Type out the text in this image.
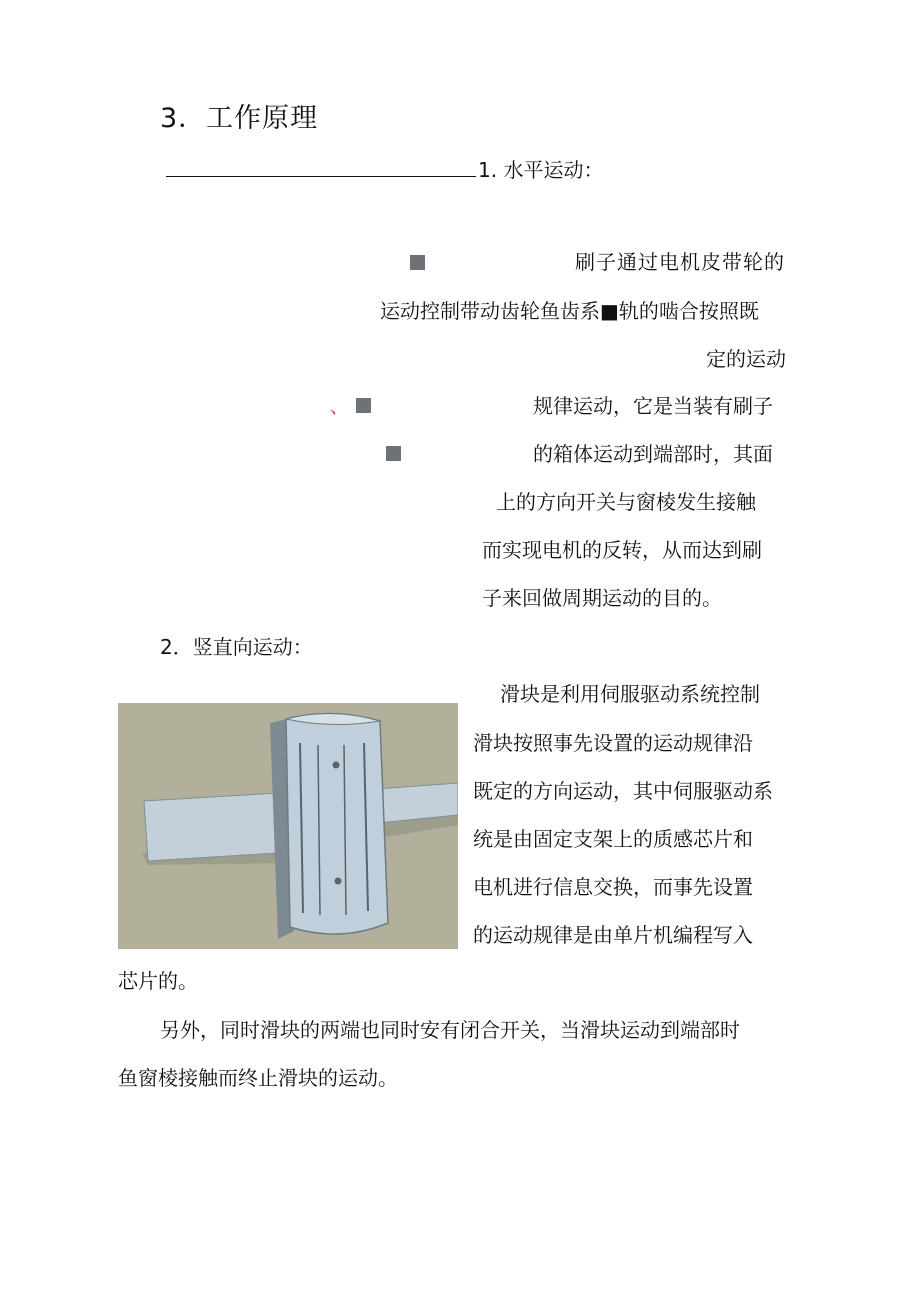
3．工作原理
1. 水平运动：
刷子通过电机皮带轮的
运动控制带动齿轮鱼齿系■轨的啮合按照既
定的运动
、	规律运动，它是当装有刷子
的箱体运动到端部时，其面
上的方向开关与窗棱发生接触
而实现电机的反转，从而达到刷
子来回做周期运动的目的。
2．竖直向运动：
滑块是利用伺服驱动系统控制
滑块按照事先设置的运动规律沿
既定的方向运动，其中伺服驱动系
统是由固定支架上的质感芯片和
电机进行信息交换，而事先设置
的运动规律是由单片机编程写入
芯片的。
另外，同时滑块的两端也同时安有闭合开关，当滑块运动到端部时
鱼窗棱接触而终止滑块的运动。
